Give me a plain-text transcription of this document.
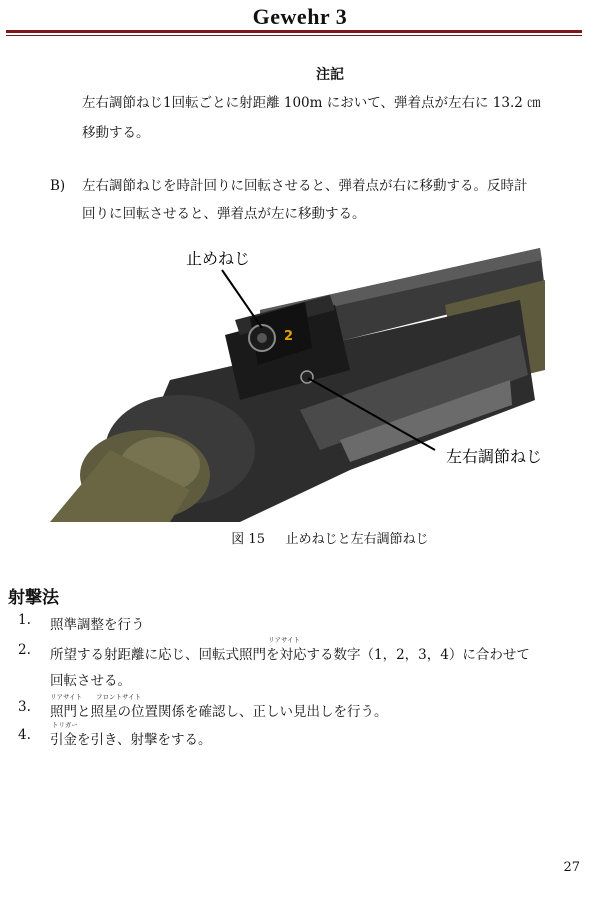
Gewehr 3
注記
左右調節ねじ1回転ごとに射距離 100m において、弾着点が左右に 13.2 ㎝
移動する。
B) 左右調節ねじを時計回りに回転させると、弾着点が右に移動する。反時計
回りに回転させると、弾着点が左に移動する。
2
止めねじ
左右調節ねじ
図 15 止めねじと左右調節ねじ
射撃法
1.	照準調整を行う
2.
リアサイト
所望する射距離に応じ、回転式照門を対応する数字（1，2，3，4）に合わせて
回転させる。
3.
リアサイト フロントサイト
照門と照星の位置関係を確認し、正しい見出しを行う。
4.
トリガー
引金を引き、射撃をする。
27
